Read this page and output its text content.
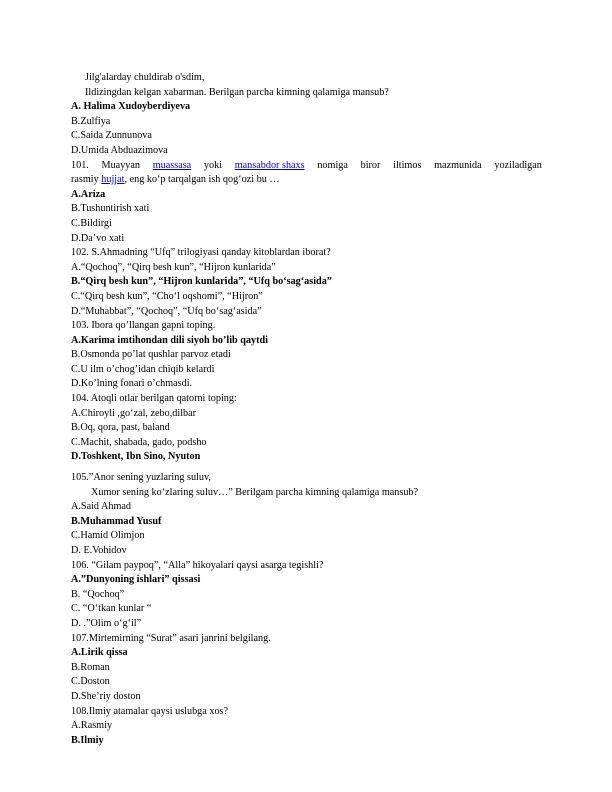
Jilg'alarday chuldirab o'sdim,
Ildizingdan kelgan xabarman. Berilgan parcha kimning qalamiga mansub?
A. Halima Xudoyberdiyeva
B.Zulfiya
C.Saida Zunnunova
D.Umida Abduazimova
101. Muayyan muassasa yoki mansabdor shaxs nomiga biror iltimos mazmunida yoziladigan
rasmiy hujjat, eng ko‘p tarqalgan ish qog‘ozi bu …
A.Ariza
B.Tushuntirish xati
C.Bildirgi
D.Da’vo xati
102. S.Ahmadning “Ufq” trilogiyasi qanday kitoblardan iborat?
A.“Qochoq”, “Qirq besh kun”, “Hijron kunlarida”
B.“Qirq besh kun”, “Hijron kunlarida”, “Ufq bo‘sag‘asida”
C.“Qirq besh kun”, “Cho‘l oqshomi”, “Hijron”
D.“Muhabbat”, “Qochoq”, “Ufq bo‘sag‘asida”
103. Ibora qo’llangan gapni toping.
A.Karima imtihondan dili siyoh bo’lib qaytdi
B.Osmonda po’lat qushlar parvoz etadi
C.U ilm o’chog’idan chiqib kelardi
D.Ko’lning fonari o’chmasdi.
104. Atoqli otlar berilgan qatorni toping:
A.Chiroyli ,go‘zal, zebo,dilbar
B.Oq, qora, past, baland
C.Machit, shabada, gado, podsho
D.Toshkent, Ibn Sino, Nyuton
105.”Anor sening yuzlaring suluv,
Xumor sening ko‘zlaring suluv…” Berilgam parcha kimning qalamiga mansub?
A.Said Ahmad
B.Muhammad Yusuf
C.Hamid Olimjon
D. E.Vohidov
106. “Gilam paypoq”, “Alla” hikoyalari qaysi asarga tegishli?
A.”Dunyoning ishlari” qissasi
B. “Qochoq”
C. “O‘tkan kunlar “
D. .”Olim o‘g‘il”
107.Mirtemirning “Surat” asari janrini belgilang.
A.Lirik qissa
B.Roman
C.Doston
D.She’riy doston
108.Ilmiy atamalar qaysi uslubga xos?
A.Rasmiy
B.Ilmiy
